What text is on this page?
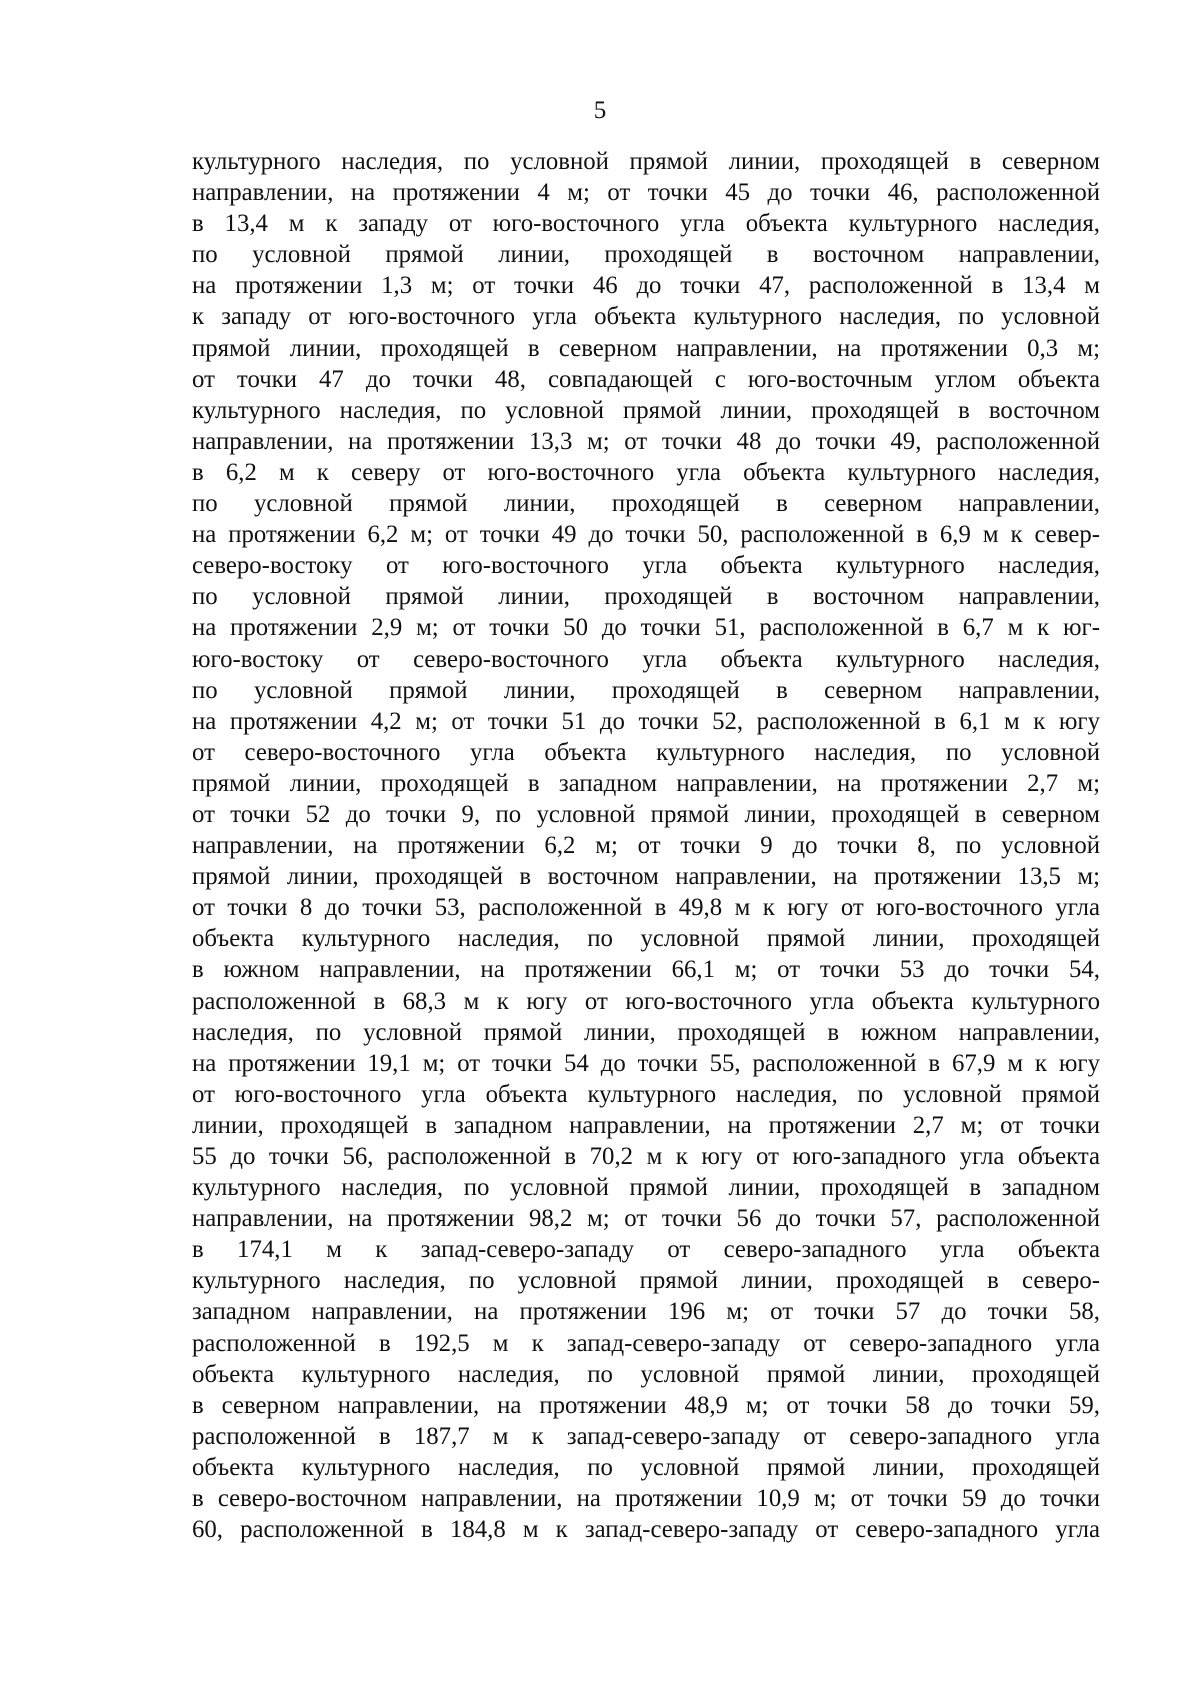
5
культурного наследия, по условной прямой линии, проходящей в северном
направлении, на протяжении 4 м; от точки 45 до точки 46, расположенной
в 13,4 м к западу от юго-восточного угла объекта культурного наследия,
по условной прямой линии, проходящей в восточном направлении,
на протяжении 1,3 м; от точки 46 до точки 47, расположенной в 13,4 м
к западу от юго-восточного угла объекта культурного наследия, по условной
прямой линии, проходящей в северном направлении, на протяжении 0,3 м;
от точки 47 до точки 48, совпадающей с юго-восточным углом объекта
культурного наследия, по условной прямой линии, проходящей в восточном
направлении, на протяжении 13,3 м; от точки 48 до точки 49, расположенной
в 6,2 м к северу от юго-восточного угла объекта культурного наследия,
по условной прямой линии, проходящей в северном направлении,
на протяжении 6,2 м; от точки 49 до точки 50, расположенной в 6,9 м к север-
северо-востоку от юго-восточного угла объекта культурного наследия,
по условной прямой линии, проходящей в восточном направлении,
на протяжении 2,9 м; от точки 50 до точки 51, расположенной в 6,7 м к юг-
юго-востоку от северо-восточного угла объекта культурного наследия,
по условной прямой линии, проходящей в северном направлении,
на протяжении 4,2 м; от точки 51 до точки 52, расположенной в 6,1 м к югу
от северо-восточного угла объекта культурного наследия, по условной
прямой линии, проходящей в западном направлении, на протяжении 2,7 м;
от точки 52 до точки 9, по условной прямой линии, проходящей в северном
направлении, на протяжении 6,2 м; от точки 9 до точки 8, по условной
прямой линии, проходящей в восточном направлении, на протяжении 13,5 м;
от точки 8 до точки 53, расположенной в 49,8 м к югу от юго-восточного угла
объекта культурного наследия, по условной прямой линии, проходящей
в южном направлении, на протяжении 66,1 м; от точки 53 до точки 54,
расположенной в 68,3 м к югу от юго-восточного угла объекта культурного
наследия, по условной прямой линии, проходящей в южном направлении,
на протяжении 19,1 м; от точки 54 до точки 55, расположенной в 67,9 м к югу
от юго-восточного угла объекта культурного наследия, по условной прямой
линии, проходящей в западном направлении, на протяжении 2,7 м; от точки
55 до точки 56, расположенной в 70,2 м к югу от юго-западного угла объекта
культурного наследия, по условной прямой линии, проходящей в западном
направлении, на протяжении 98,2 м; от точки 56 до точки 57, расположенной
в 174,1 м к запад-северо-западу от северо-западного угла объекта
культурного наследия, по условной прямой линии, проходящей в северо-
западном направлении, на протяжении 196 м; от точки 57 до точки 58,
расположенной в 192,5 м к запад-северо-западу от северо-западного угла
объекта культурного наследия, по условной прямой линии, проходящей
в северном направлении, на протяжении 48,9 м; от точки 58 до точки 59,
расположенной в 187,7 м к запад-северо-западу от северо-западного угла
объекта культурного наследия, по условной прямой линии, проходящей
в северо-восточном направлении, на протяжении 10,9 м; от точки 59 до точки
60, расположенной в 184,8 м к запад-северо-западу от северо-западного угла
